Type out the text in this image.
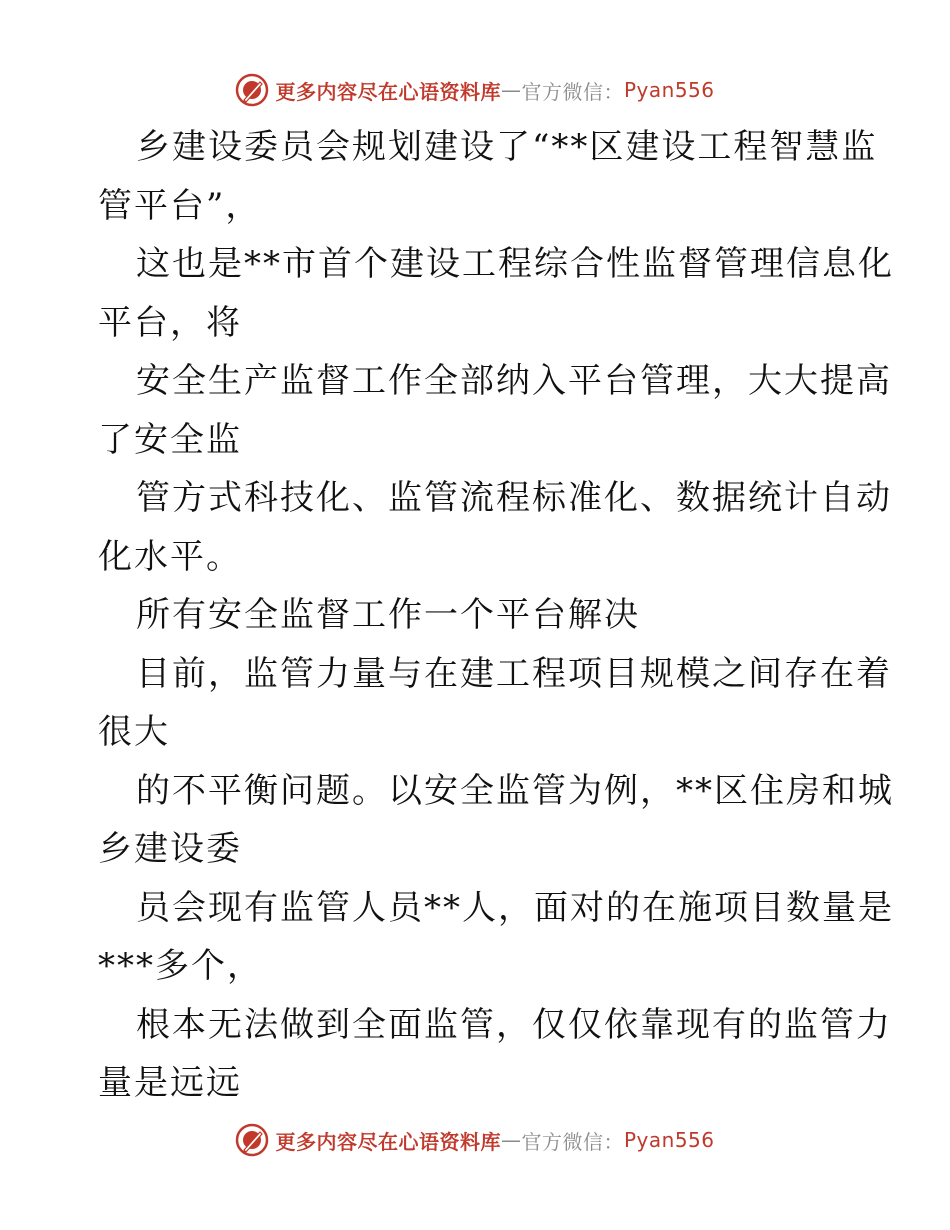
更多内容尽在心语资料库 — 官方微信： Pyan556
乡建设委员会规划建设了“**区建设工程智慧监
管平台”，
这也是**市首个建设工程综合性监督管理信息化
平台，将
安全生产监督工作全部纳入平台管理，大大提高
了安全监
管方式科技化、监管流程标准化、数据统计自动
化水平。
所有安全监督工作一个平台解决
目前，监管力量与在建工程项目规模之间存在着
很大
的不平衡问题。以安全监管为例，**区住房和城
乡建设委
员会现有监管人员**人，面对的在施项目数量是
***多个，
根本无法做到全面监管，仅仅依靠现有的监管力
量是远远
更多内容尽在心语资料库 — 官方微信： Pyan556
